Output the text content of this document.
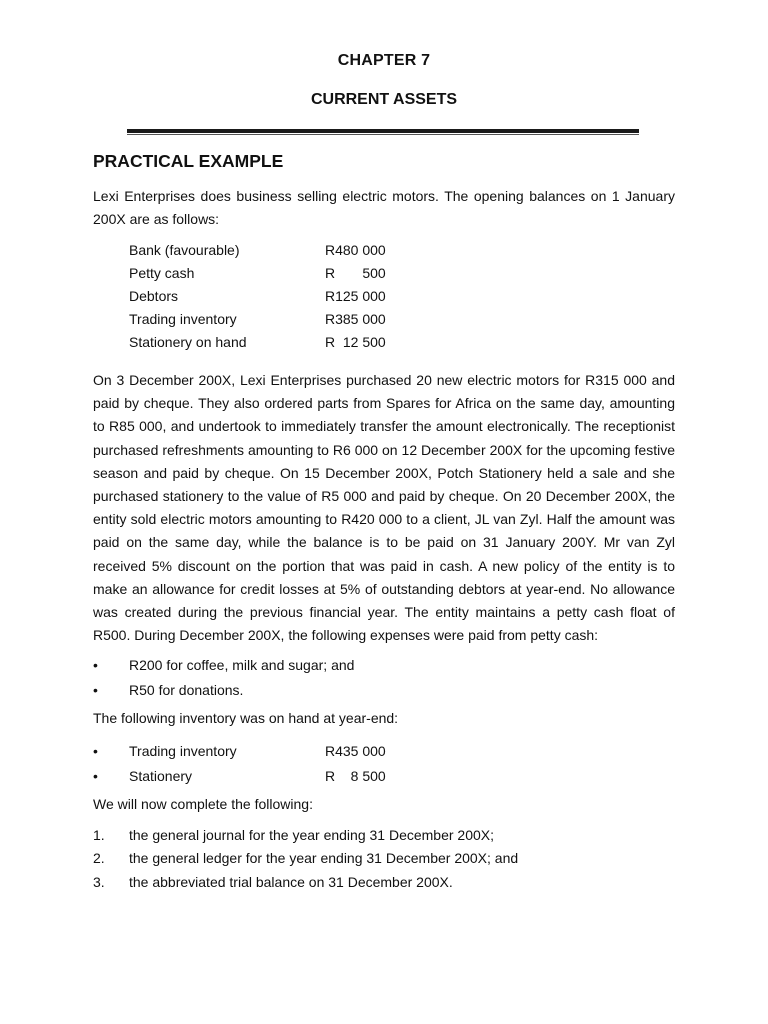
CHAPTER 7
CURRENT ASSETS
PRACTICAL EXAMPLE
Lexi Enterprises does business selling electric motors. The opening balances on 1 January 200X are as follows:
Bank (favourable)	R480 000
Petty cash	R       500
Debtors	R125 000
Trading inventory	R385 000
Stationery on hand	R  12 500
On 3 December 200X, Lexi Enterprises purchased 20 new electric motors for R315 000 and paid by cheque. They also ordered parts from Spares for Africa on the same day, amounting to R85 000, and undertook to immediately transfer the amount electronically. The receptionist purchased refreshments amounting to R6 000 on 12 December 200X for the upcoming festive season and paid by cheque. On 15 December 200X, Potch Stationery held a sale and she purchased stationery to the value of R5 000 and paid by cheque. On 20 December 200X, the entity sold electric motors amounting to R420 000 to a client, JL van Zyl. Half the amount was paid on the same day, while the balance is to be paid on 31 January 200Y. Mr van Zyl received 5% discount on the portion that was paid in cash. A new policy of the entity is to make an allowance for credit losses at 5% of outstanding debtors at year-end. No allowance was created during the previous financial year. The entity maintains a petty cash float of R500. During December 200X, the following expenses were paid from petty cash:
• R200 for coffee, milk and sugar; and
• R50 for donations.
The following inventory was on hand at year-end:
• Trading inventory	R435 000
• Stationery	R    8 500
We will now complete the following:
1. the general journal for the year ending 31 December 200X;
2. the general ledger for the year ending 31 December 200X; and
3. the abbreviated trial balance on 31 December 200X.
